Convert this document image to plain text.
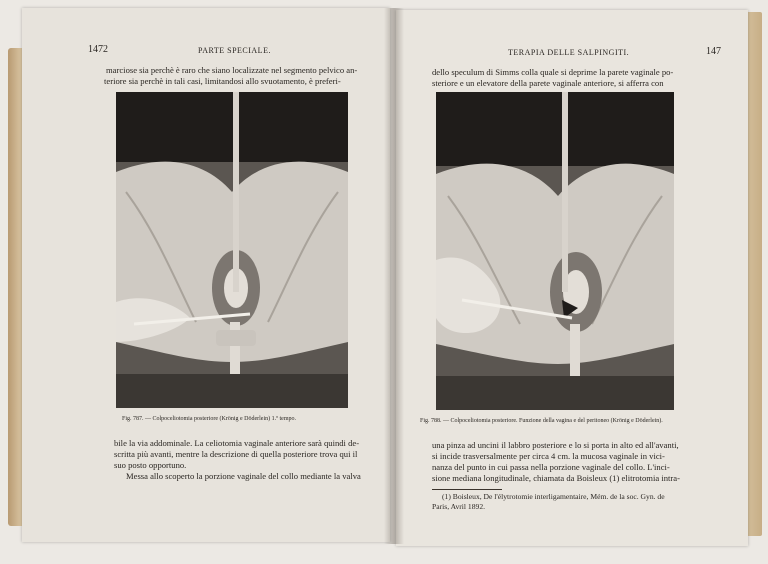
1472	PARTE SPECIALE.
marciose sia perchè è raro che siano localizzate nel segmento pelvico an-
teriore sia perchè in tali casi, limitandosi allo svuotamento, è preferi-
Fig. 787. — Colpoceliotomia posteriore (Krönig e Döderlein) 1.º tempo.
bile la via addominale. La celiotomia vaginale anteriore sarà quindi de-
scritta più avanti, mentre la descrizione di quella posteriore trova qui il
suo posto opportuno.
Messa allo scoperto la porzione vaginale del collo mediante la valva
TERAPIA DELLE SALPINGITI.	147
dello speculum di Simms colla quale si deprime la parete vaginale po-
steriore e un elevatore della parete vaginale anteriore, si afferra con
Fig. 788. — Colpoceliotomia posteriore. Funzione della vagina e del peritoneo (Krönig e Döderlein).
una pinza ad uncini il labbro posteriore e lo si porta in alto ed all'avanti,
si incide trasversalmente per circa 4 cm. la mucosa vaginale in vici-
nanza del punto in cui passa nella porzione vaginale del collo. L'inci-
sione mediana longitudinale, chiamata da Boisleux (1) elitrotomia intra-
(1) Boisleux, De l'élytrotomie interligamentaire, Mém. de la soc. Gyn. de
Paris, Avril 1892.
